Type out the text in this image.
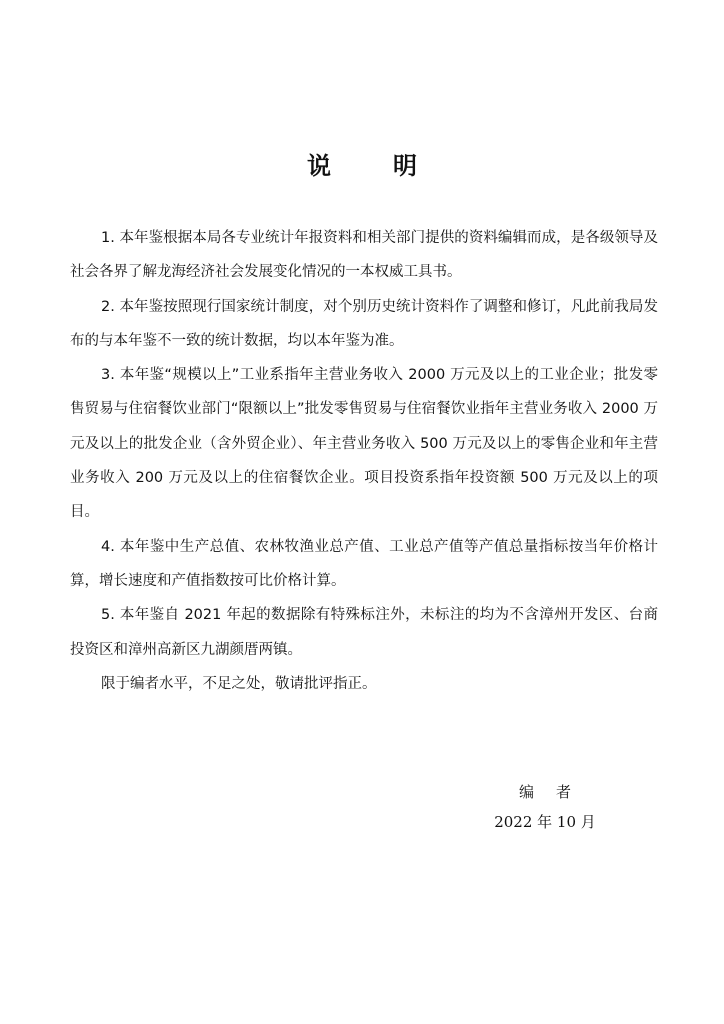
说	明

1. 本年鉴根据本局各专业统计年报资料和相关部门提供的资料编辑而成，是各级领导及社会各界了解龙海经济社会发展变化情况的一本权威工具书。

2. 本年鉴按照现行国家统计制度，对个别历史统计资料作了调整和修订，凡此前我局发布的与本年鉴不一致的统计数据，均以本年鉴为准。

3. 本年鉴“规模以上”工业系指年主营业务收入 2000 万元及以上的工业企业；批发零售贸易与住宿餐饮业部门“限额以上”批发零售贸易与住宿餐饮业指年主营业务收入 2000 万元及以上的批发企业（含外贸企业）、年主营业务收入 500 万元及以上的零售企业和年主营业务收入 200 万元及以上的住宿餐饮企业。项目投资系指年投资额 500 万元及以上的项目。

4. 本年鉴中生产总值、农林牧渔业总产值、工业总产值等产值总量指标按当年价格计算，增长速度和产值指数按可比价格计算。

5. 本年鉴自 2021 年起的数据除有特殊标注外，未标注的均为不含漳州开发区、台商投资区和漳州高新区九湖颜厝两镇。

限于编者水平，不足之处，敬请批评指正。

编 者
2022 年 10 月
